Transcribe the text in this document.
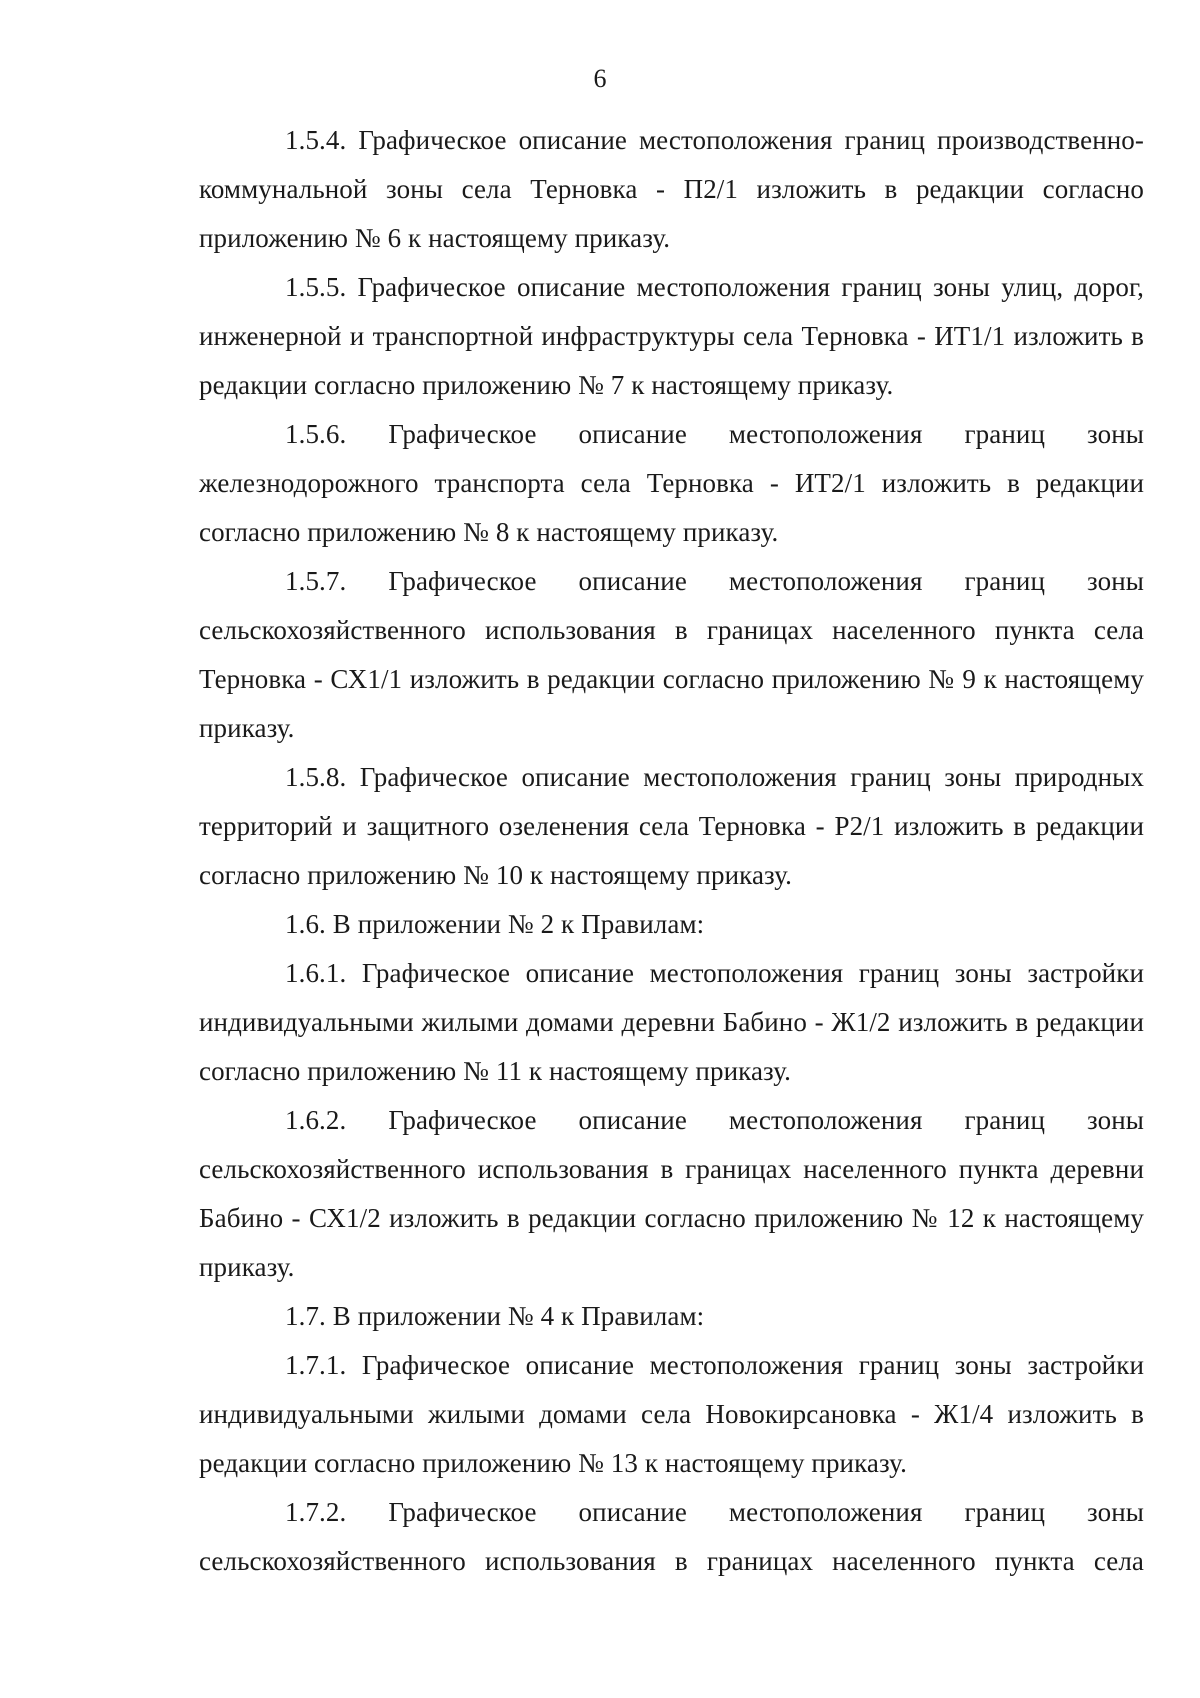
6

1.5.4. Графическое описание местоположения границ производственно-коммунальной зоны села Терновка - П2/1 изложить в редакции согласно приложению № 6 к настоящему приказу.

1.5.5. Графическое описание местоположения границ зоны улиц, дорог, инженерной и транспортной инфраструктуры села Терновка - ИТ1/1 изложить в редакции согласно приложению № 7 к настоящему приказу.

1.5.6. Графическое описание местоположения границ зоны железнодорожного транспорта села Терновка - ИТ2/1 изложить в редакции согласно приложению № 8 к настоящему приказу.

1.5.7. Графическое описание местоположения границ зоны сельскохозяйственного использования в границах населенного пункта села Терновка - СХ1/1 изложить в редакции согласно приложению № 9 к настоящему приказу.

1.5.8. Графическое описание местоположения границ зоны природных территорий и защитного озеленения села Терновка - Р2/1 изложить в редакции согласно приложению № 10 к настоящему приказу.

1.6. В приложении № 2 к Правилам:

1.6.1. Графическое описание местоположения границ зоны застройки индивидуальными жилыми домами деревни Бабино - Ж1/2 изложить в редакции согласно приложению № 11 к настоящему приказу.

1.6.2. Графическое описание местоположения границ зоны сельскохозяйственного использования в границах населенного пункта деревни Бабино - СХ1/2 изложить в редакции согласно приложению № 12 к настоящему приказу.

1.7. В приложении № 4 к Правилам:

1.7.1. Графическое описание местоположения границ зоны застройки индивидуальными жилыми домами села Новокирсановка - Ж1/4 изложить в редакции согласно приложению № 13 к настоящему приказу.

1.7.2. Графическое описание местоположения границ зоны сельскохозяйственного использования в границах населенного пункта села
